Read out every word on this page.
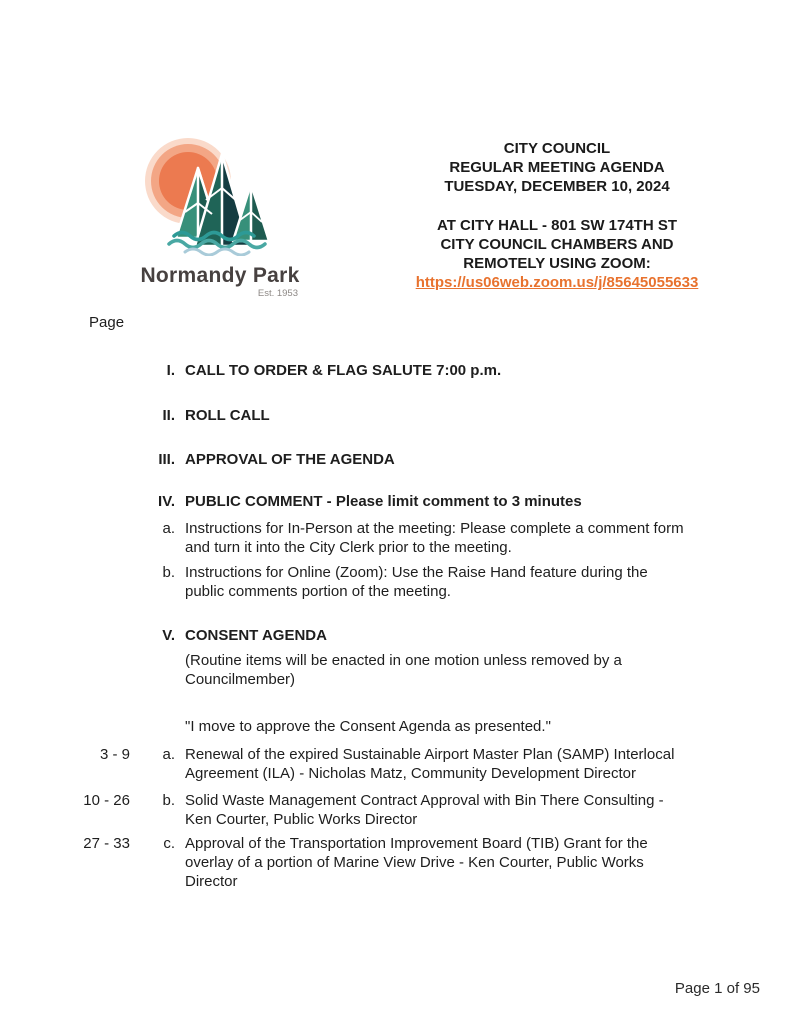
Normandy Park
Est. 1953
CITY COUNCIL
REGULAR MEETING AGENDA
TUESDAY, DECEMBER 10, 2024
AT CITY HALL - 801 SW 174TH ST
CITY COUNCIL CHAMBERS AND
REMOTELY USING ZOOM:
https://us06web.zoom.us/j/85645055633
Page
I. CALL TO ORDER & FLAG SALUTE 7:00 p.m.
II. ROLL CALL
III. APPROVAL OF THE AGENDA
IV. PUBLIC COMMENT - Please limit comment to 3 minutes
a. Instructions for In-Person at the meeting: Please complete a comment form and turn it into the City Clerk prior to the meeting.
b. Instructions for Online (Zoom): Use the Raise Hand feature during the public comments portion of the meeting.
V. CONSENT AGENDA
(Routine items will be enacted in one motion unless removed by a Councilmember)
"I move to approve the Consent Agenda as presented."
3 - 9	a. Renewal of the expired Sustainable Airport Master Plan (SAMP) Interlocal Agreement (ILA) - Nicholas Matz, Community Development Director
10 - 26	b. Solid Waste Management Contract Approval with Bin There Consulting - Ken Courter, Public Works Director
27 - 33	c. Approval of the Transportation Improvement Board (TIB) Grant for the overlay of a portion of Marine View Drive - Ken Courter, Public Works Director
Page 1 of 95
